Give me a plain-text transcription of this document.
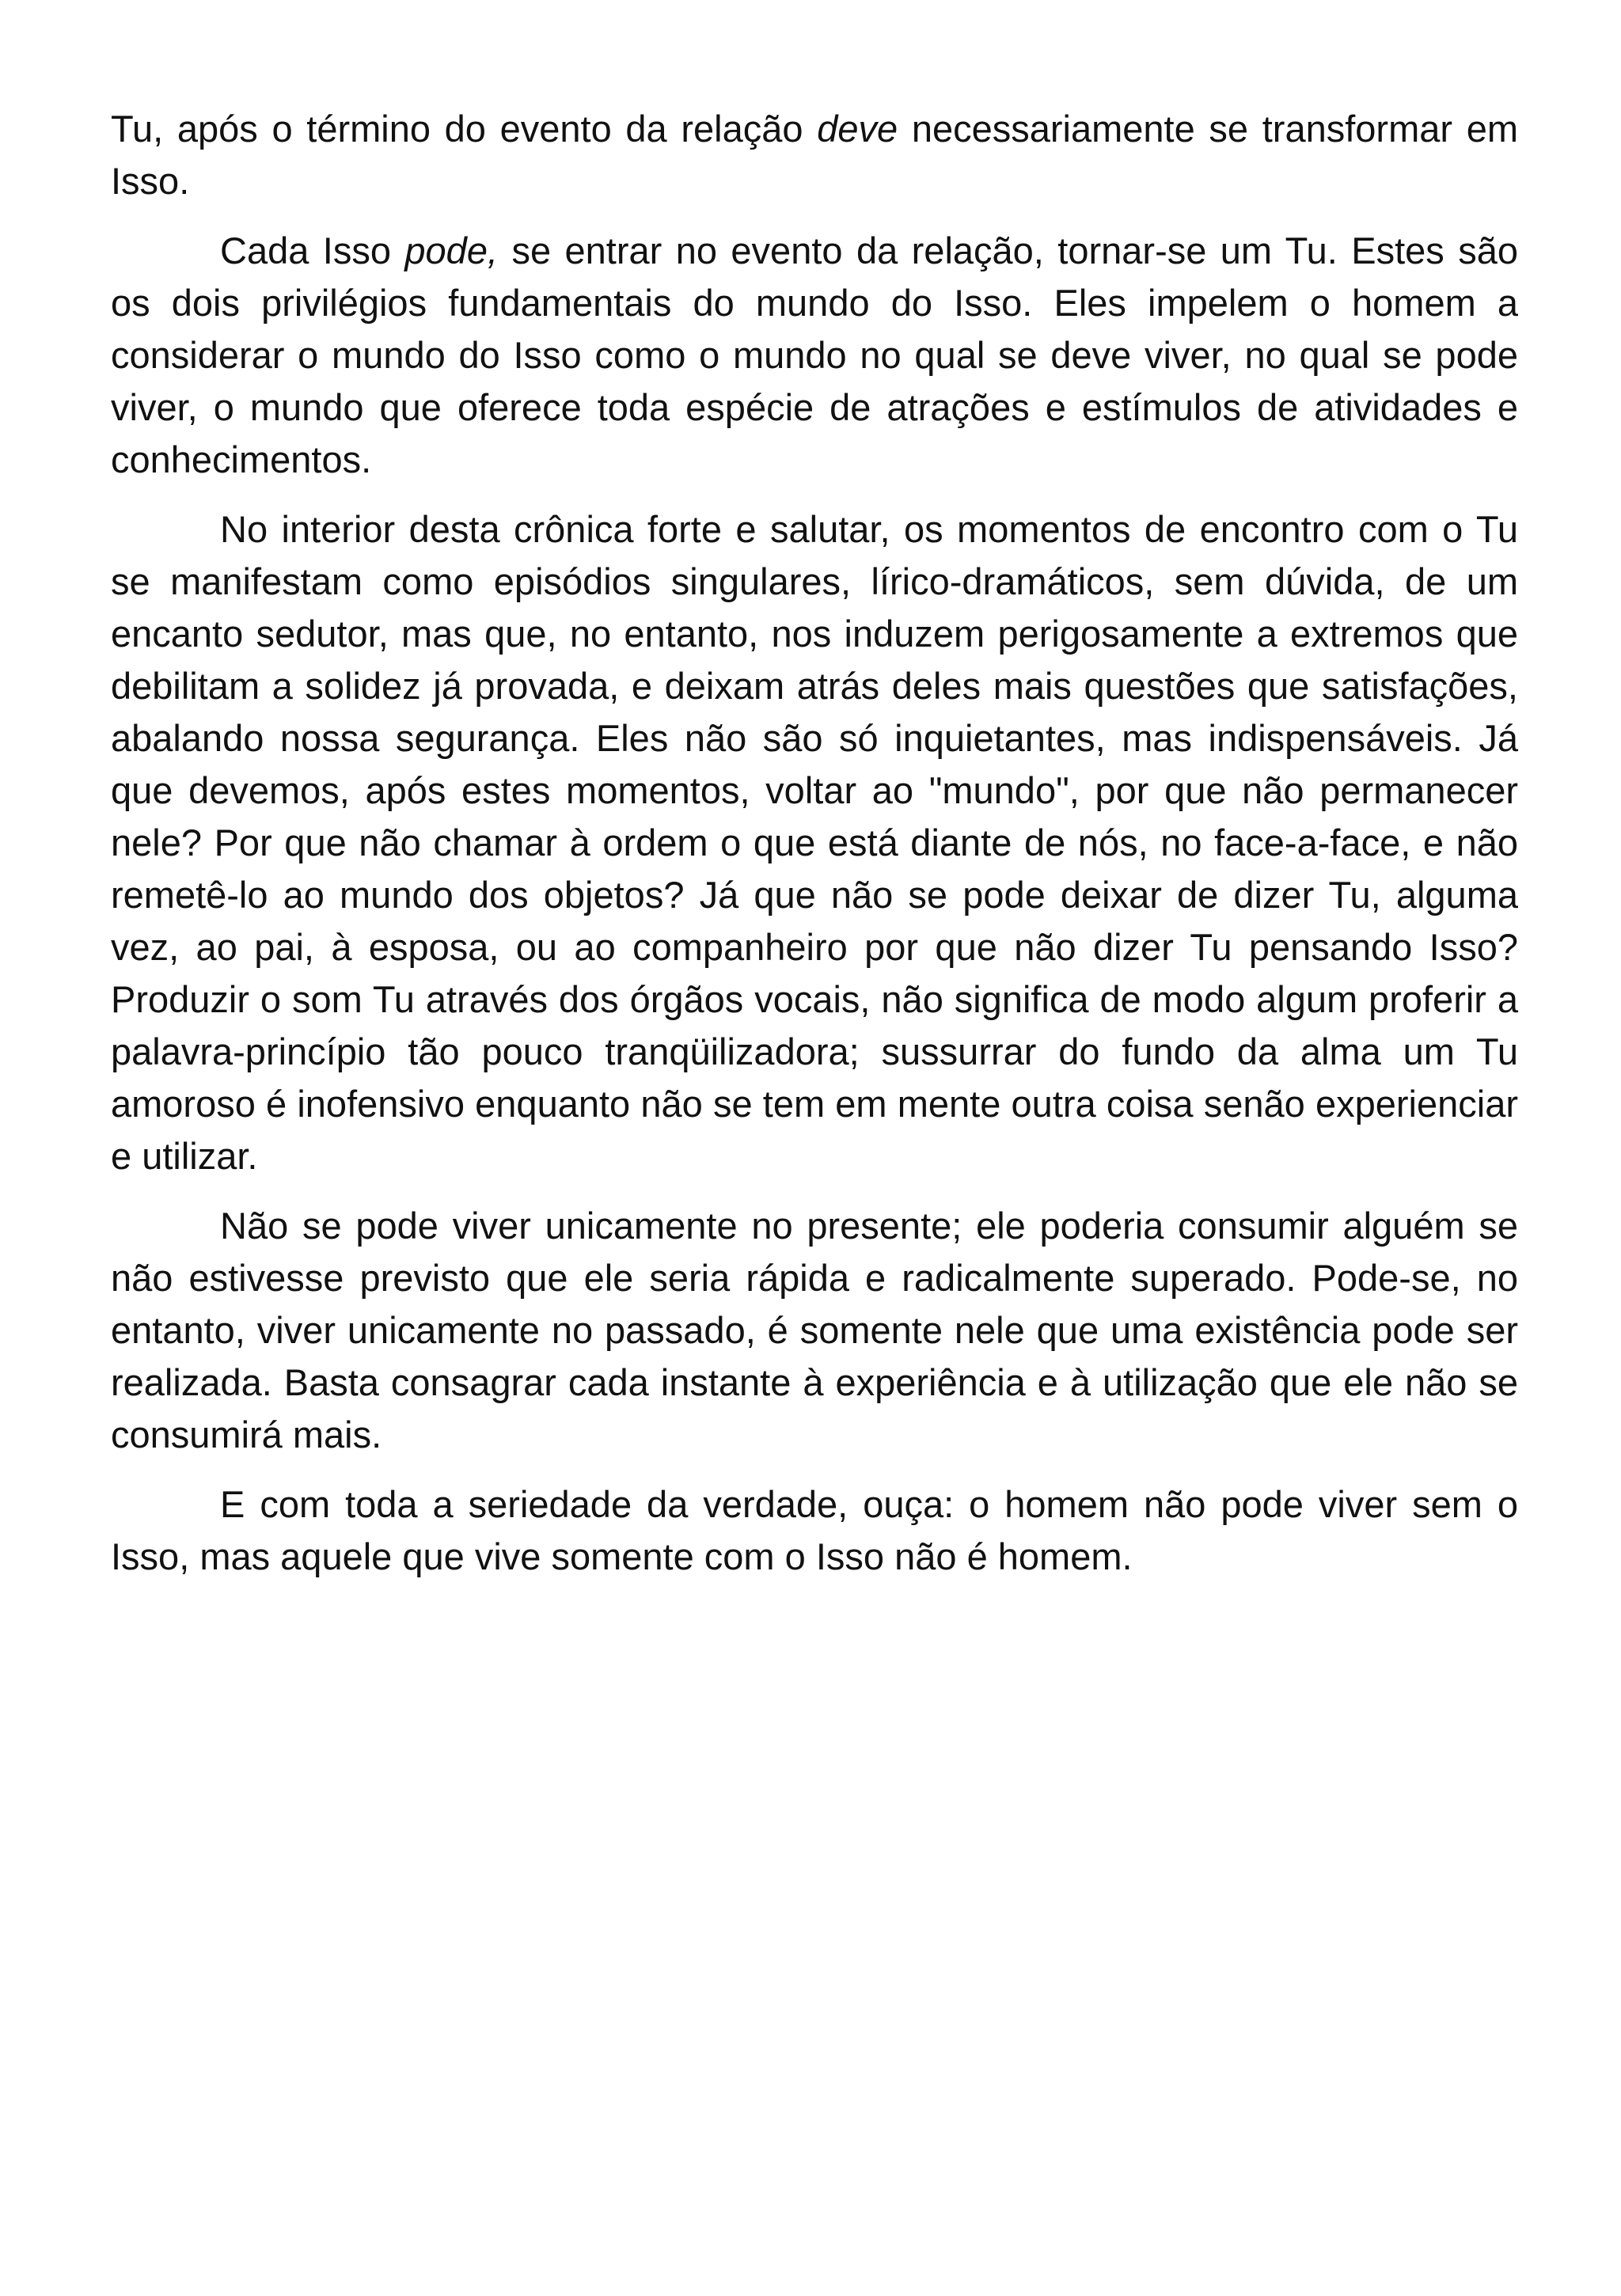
Tu, após o término do evento da relação deve necessariamente se transformar em Isso.

Cada Isso pode, se entrar no evento da relação, tornar-se um Tu. Estes são os dois privilégios fundamentais do mundo do Isso. Eles impelem o homem a considerar o mundo do Isso como o mundo no qual se deve viver, no qual se pode viver, o mundo que oferece toda espécie de atrações e estímulos de atividades e conhecimentos.

No interior desta crônica forte e salutar, os momentos de encontro com o Tu se manifestam como episódios singulares, lírico-dramáticos, sem dúvida, de um encanto sedutor, mas que, no entanto, nos induzem perigosamente a extremos que debilitam a solidez já provada, e deixam atrás deles mais questões que satisfações, abalando nossa segurança. Eles não são só inquietantes, mas indispensáveis. Já que devemos, após estes momentos, voltar ao "mundo", por que não permanecer nele? Por que não chamar à ordem o que está diante de nós, no face-a-face, e não remetê-lo ao mundo dos objetos? Já que não se pode deixar de dizer Tu, alguma vez, ao pai, à esposa, ou ao companheiro por que não dizer Tu pensando Isso? Produzir o som Tu através dos órgãos vocais, não significa de modo algum proferir a palavra-princípio tão pouco tranqüilizadora; sussurrar do fundo da alma um Tu amoroso é inofensivo enquanto não se tem em mente outra coisa senão experienciar e utilizar.

Não se pode viver unicamente no presente; ele poderia consumir alguém se não estivesse previsto que ele seria rápida e radicalmente superado. Pode-se, no entanto, viver unicamente no passado, é somente nele que uma existência pode ser realizada. Basta consagrar cada instante à experiência e à utilização que ele não se consumirá mais.

E com toda a seriedade da verdade, ouça: o homem não pode viver sem o Isso, mas aquele que vive somente com o Isso não é homem.
